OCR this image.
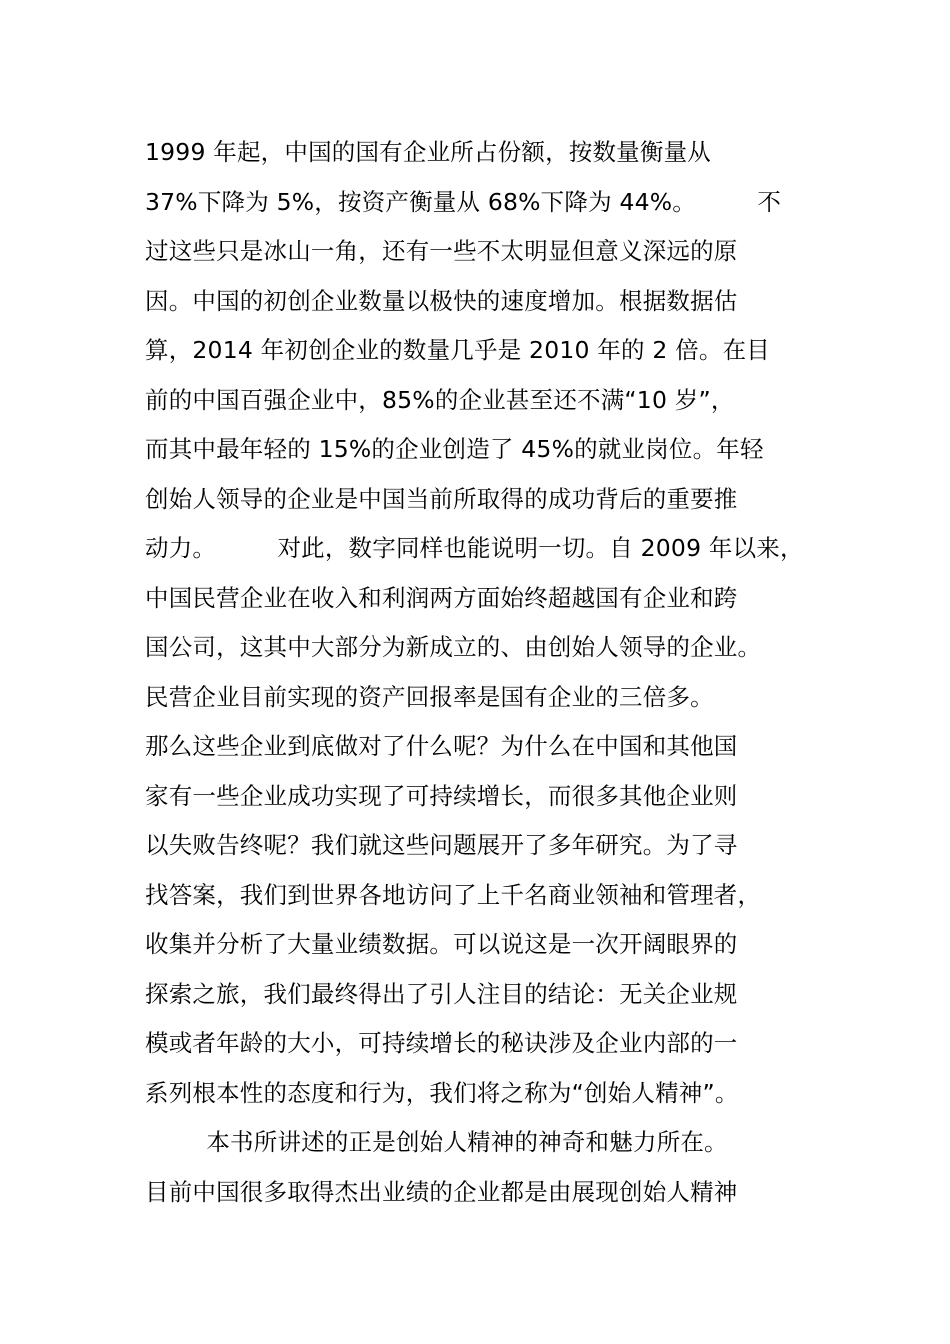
1999 年起，中国的国有企业所占份额，按数量衡量从
37%下降为 5%，按资产衡量从 68%下降为 44%。        不
过这些只是冰山一角，还有一些不太明显但意义深远的原
因。中国的初创企业数量以极快的速度增加。根据数据估
算，2014 年初创企业的数量几乎是 2010 年的 2 倍。在目
前的中国百强企业中，85%的企业甚至还不满“10 岁”，
而其中最年轻的 15%的企业创造了 45%的就业岗位。年轻
创始人领导的企业是中国当前所取得的成功背后的重要推
动力。        对此，数字同样也能说明一切。自 2009 年以来，
中国民营企业在收入和利润两方面始终超越国有企业和跨
国公司，这其中大部分为新成立的、由创始人领导的企业。
民营企业目前实现的资产回报率是国有企业的三倍多。
那么这些企业到底做对了什么呢？为什么在中国和其他国
家有一些企业成功实现了可持续增长，而很多其他企业则
以失败告终呢？我们就这些问题展开了多年研究。为了寻
找答案，我们到世界各地访问了上千名商业领袖和管理者，
收集并分析了大量业绩数据。可以说这是一次开阔眼界的
探索之旅，我们最终得出了引人注目的结论：无关企业规
模或者年龄的大小，可持续增长的秘诀涉及企业内部的一
系列根本性的态度和行为，我们将之称为“创始人精神”。
本书所讲述的正是创始人精神的神奇和魅力所在。
目前中国很多取得杰出业绩的企业都是由展现创始人精神
